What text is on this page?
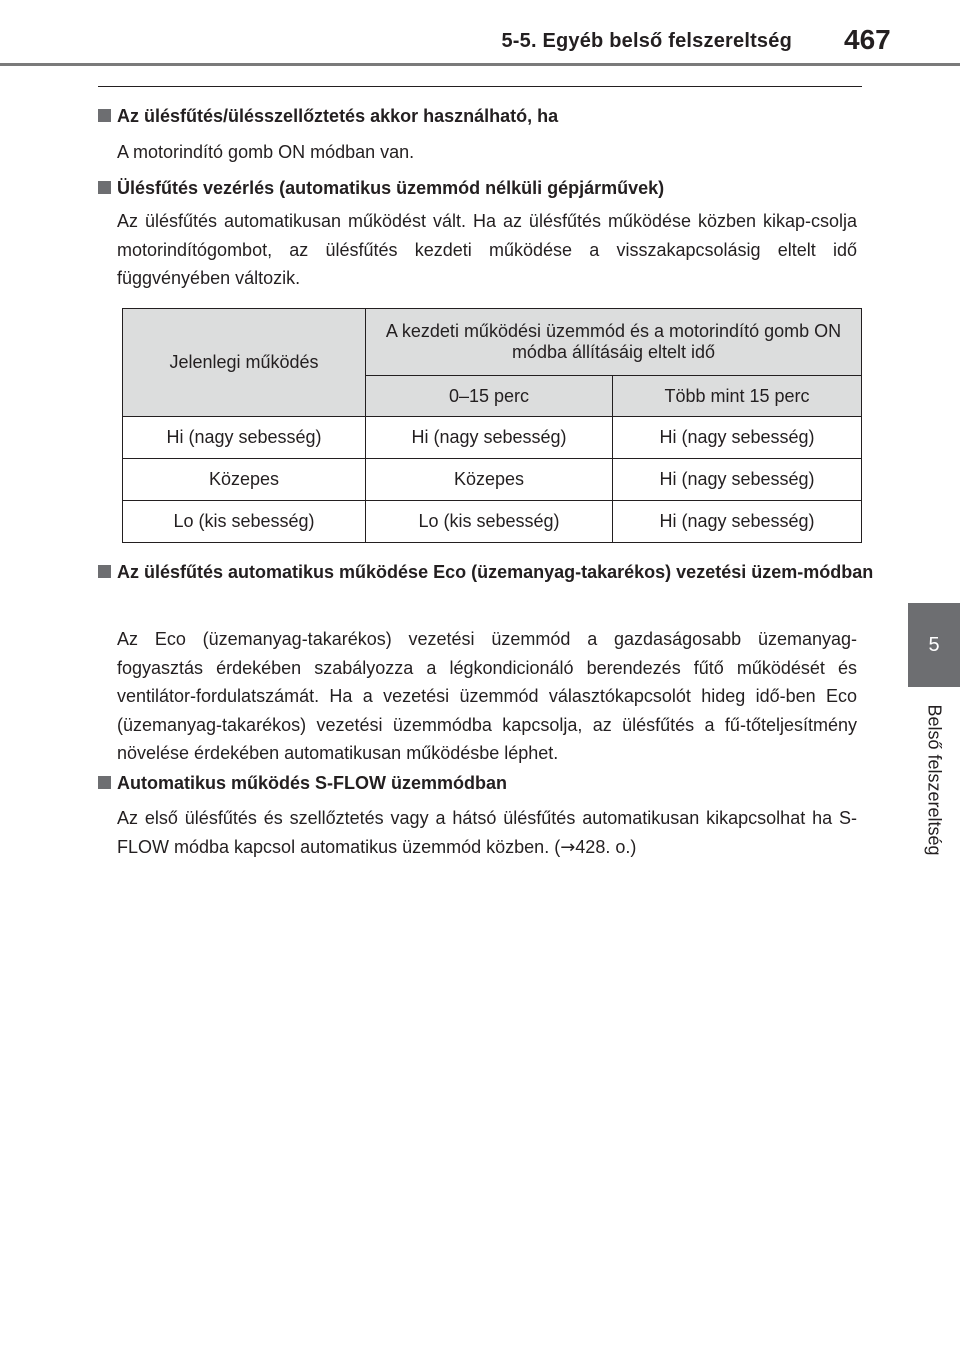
5-5. Egyéb belső felszereltség 467
5
Belső felszereltség
Az ülésfűtés/ülésszellőztetés akkor használható, ha
A motorindító gomb ON módban van.
Ülésfűtés vezérlés (automatikus üzemmód nélküli gépjárművek)
Az ülésfűtés automatikusan működést vált. Ha az ülésfűtés működése közben kikap-csolja motorindítógombot, az ülésfűtés kezdeti működése a visszakapcsolásig eltelt idő függvényében változik.
Jelenlegi működés	A kezdeti működési üzemmód és a motorindító gomb ON módba állításáig eltelt idő	
	0–15 perc	Több mint 15 perc
Hi (nagy sebesség)	Hi (nagy sebesség)	Hi (nagy sebesség)
Közepes	Közepes	Hi (nagy sebesség)
Lo (kis sebesség)	Lo (kis sebesség)	Hi (nagy sebesség)
Az ülésfűtés automatikus működése Eco (üzemanyag-takarékos) vezetési üzem-módban
Az Eco (üzemanyag-takarékos) vezetési üzemmód a gazdaságosabb üzemanyag-fogyasztás érdekében szabályozza a légkondicionáló berendezés fűtő működését és ventilátor-fordulatszámát. Ha a vezetési üzemmód választókapcsolót hideg idő-ben Eco (üzemanyag-takarékos) vezetési üzemmódba kapcsolja, az ülésfűtés a fű-tőteljesítmény növelése érdekében automatikusan működésbe léphet.
Automatikus működés S-FLOW üzemmódban
Az első ülésfűtés és szellőztetés vagy a hátsó ülésfűtés automatikusan kikapcsolhat ha S-FLOW módba kapcsol automatikus üzemmód közben. (→428. o.)
